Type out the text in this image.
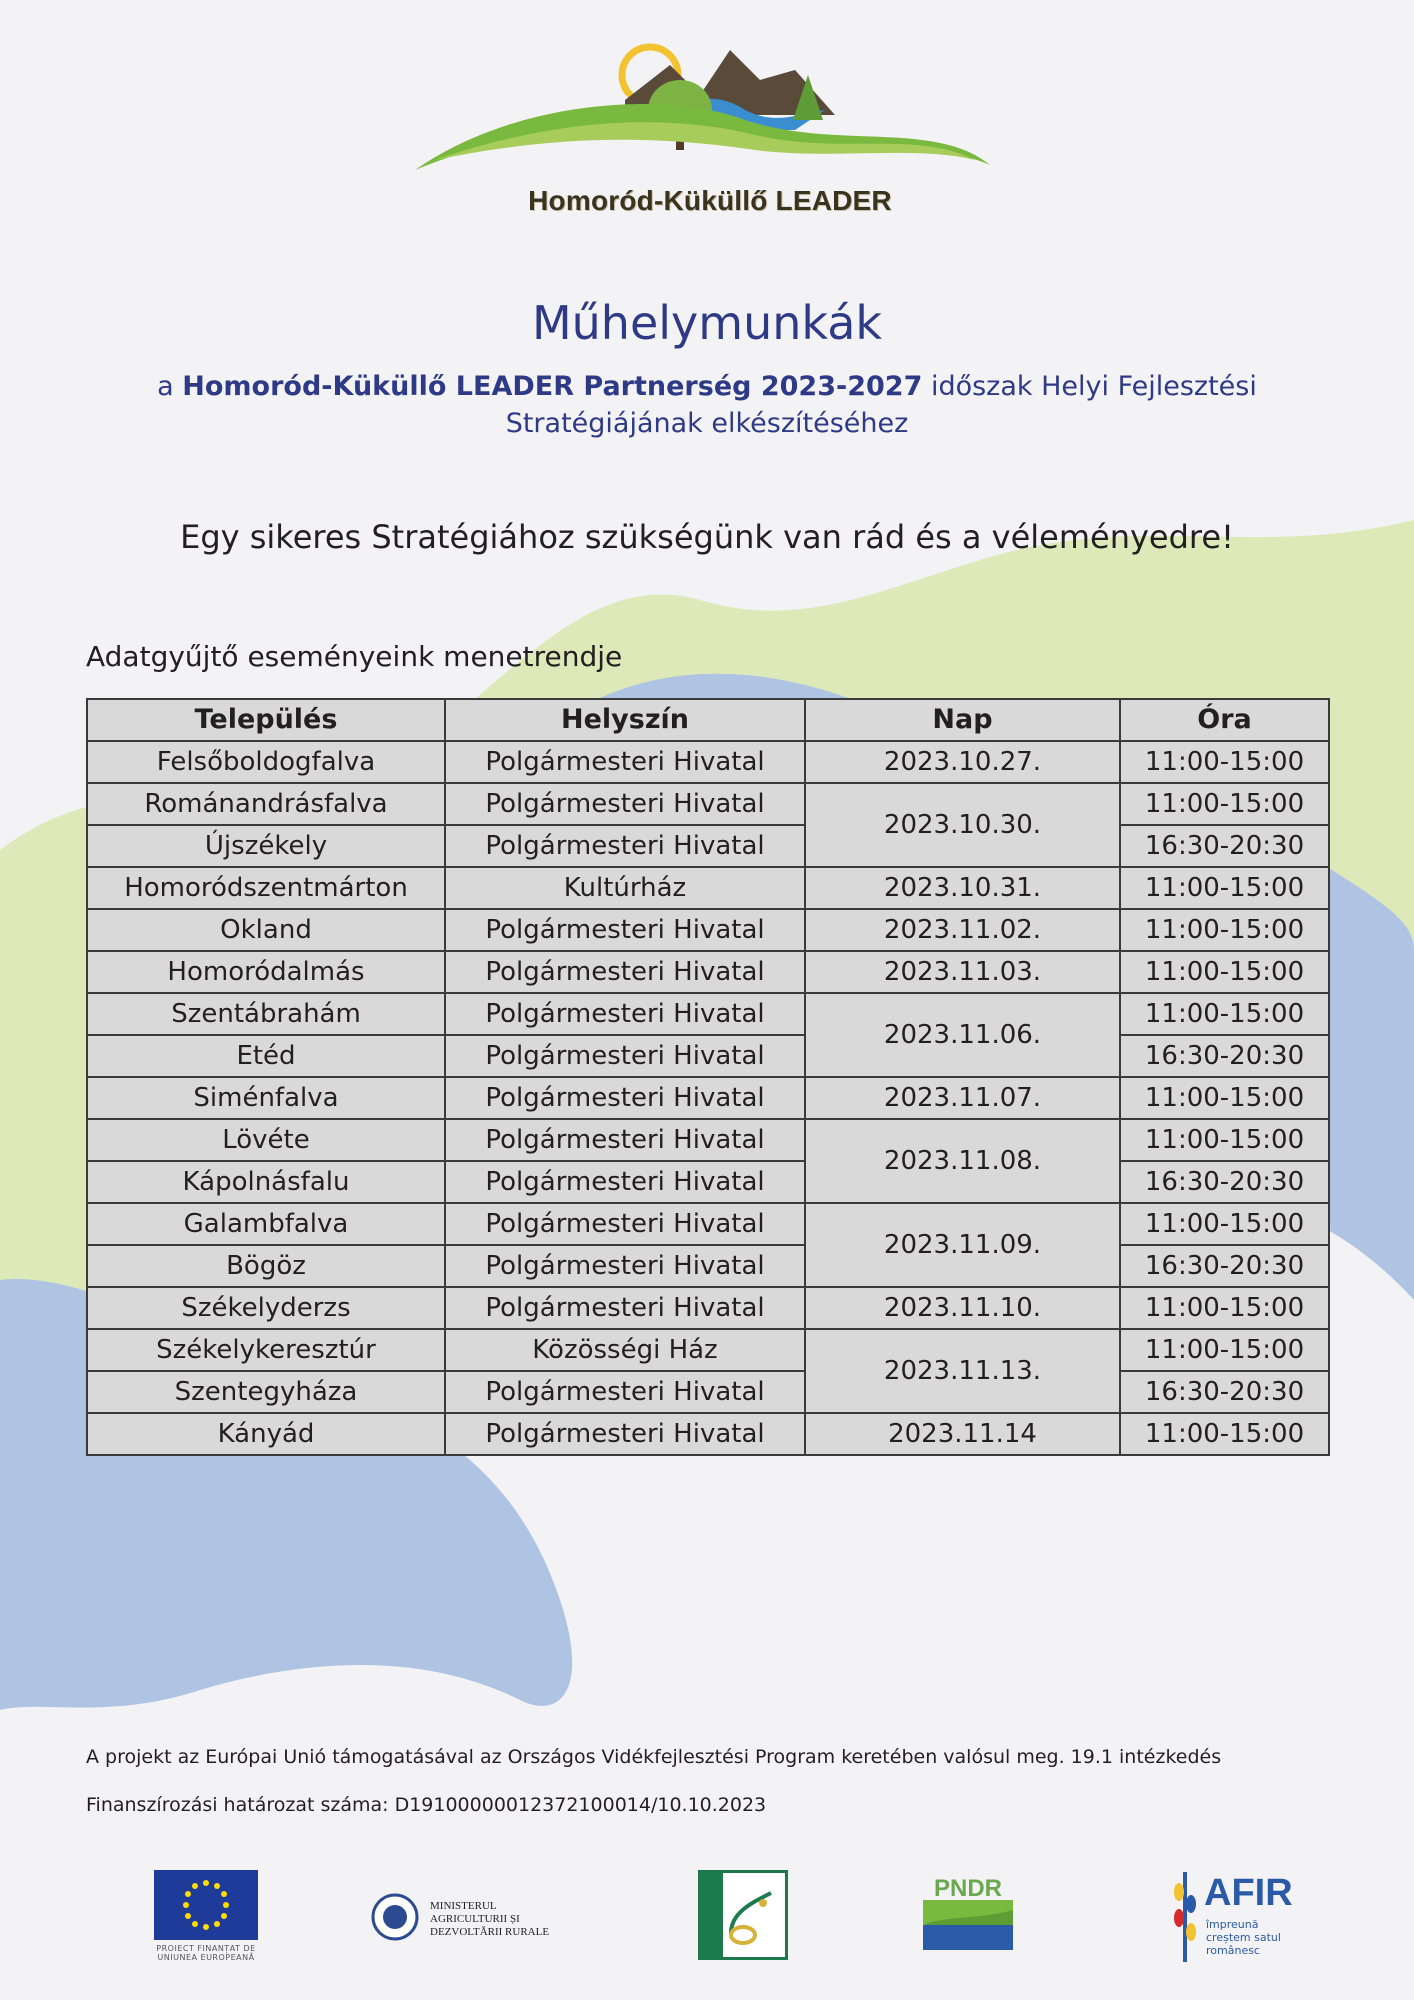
Homoród-Küküllő LEADER
Műhelymunkák
a Homoród-Küküllő LEADER Partnerség 2023-2027 időszak Helyi Fejlesztési Stratégiájának elkészítéséhez
Egy sikeres Stratégiához szükségünk van rád és a véleményedre!
Adatgyűjtő eseményeink menetrendje
Település	Helyszín	Nap	Óra
Felsőboldogfalva	Polgármesteri Hivatal	2023.10.27.	11:00-15:00
Románandrásfalva	Polgármesteri Hivatal	2023.10.30.	11:00-15:00
Újszékely	Polgármesteri Hivatal		16:30-20:30
Homoródszentmárton	Kultúrház	2023.10.31.	11:00-15:00
Okland	Polgármesteri Hivatal	2023.11.02.	11:00-15:00
Homoródalmás	Polgármesteri Hivatal	2023.11.03.	11:00-15:00
Szentábrahám	Polgármesteri Hivatal	2023.11.06.	11:00-15:00
Etéd	Polgármesteri Hivatal		16:30-20:30
Siménfalva	Polgármesteri Hivatal	2023.11.07.	11:00-15:00
Lövéte	Polgármesteri Hivatal	2023.11.08.	11:00-15:00
Kápolnásfalu	Polgármesteri Hivatal		16:30-20:30
Galambfalva	Polgármesteri Hivatal	2023.11.09.	11:00-15:00
Bögöz	Polgármesteri Hivatal		16:30-20:30
Székelyderzs	Polgármesteri Hivatal	2023.11.10.	11:00-15:00
Székelykeresztúr	Közösségi Ház	2023.11.13.	11:00-15:00
Szentegyháza	Polgármesteri Hivatal		16:30-20:30
Kányád	Polgármesteri Hivatal	2023.11.14	11:00-15:00
A projekt az Európai Unió támogatásával az Országos Vidékfejlesztési Program keretében valósul meg. 19.1 intézkedés
Finanszírozási határozat száma: D19100000012372100014/10.10.2023
PROIECT FINANȚAT DE UNIUNEA EUROPEANĂ
MINISTERUL AGRICULTURII ȘI DEZVOLTĂRII RURALE
PNDR	AFIR
împreună creștem satul românesc
